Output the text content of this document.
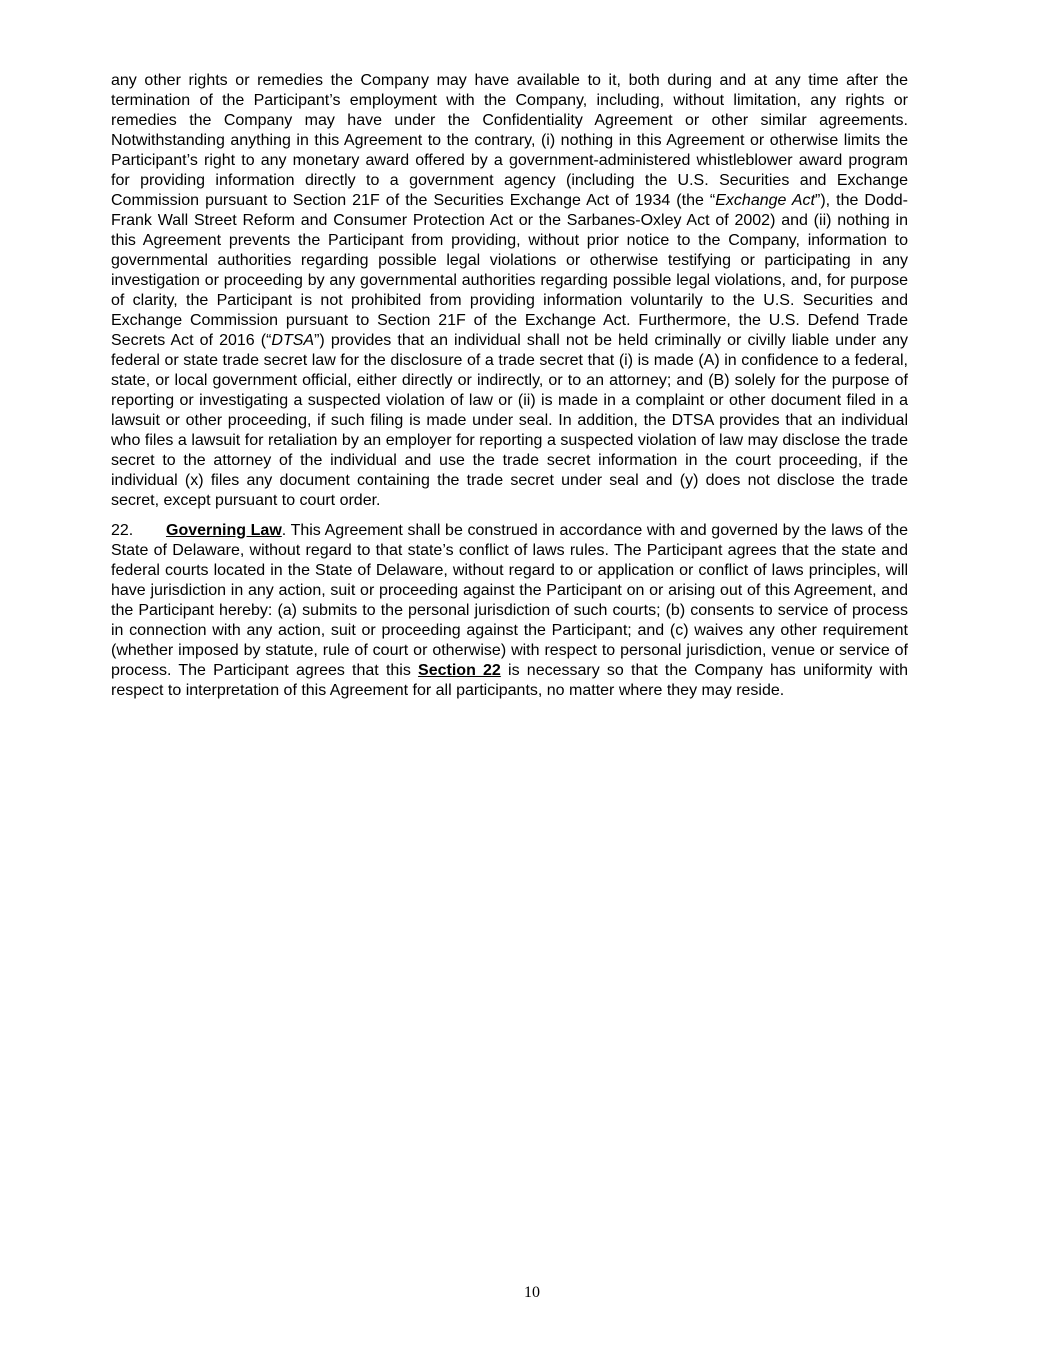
any other rights or remedies the Company may have available to it, both during and at any time after the termination of the Participant’s employment with the Company, including, without limitation, any rights or remedies the Company may have under the Confidentiality Agreement or other similar agreements. Notwithstanding anything in this Agreement to the contrary, (i) nothing in this Agreement or otherwise limits the Participant’s right to any monetary award offered by a government-administered whistleblower award program for providing information directly to a government agency (including the U.S. Securities and Exchange Commission pursuant to Section 21F of the Securities Exchange Act of 1934 (the “Exchange Act”), the Dodd-Frank Wall Street Reform and Consumer Protection Act or the Sarbanes-Oxley Act of 2002) and (ii) nothing in this Agreement prevents the Participant from providing, without prior notice to the Company, information to governmental authorities regarding possible legal violations or otherwise testifying or participating in any investigation or proceeding by any governmental authorities regarding possible legal violations, and, for purpose of clarity, the Participant is not prohibited from providing information voluntarily to the U.S. Securities and Exchange Commission pursuant to Section 21F of the Exchange Act. Furthermore, the U.S. Defend Trade Secrets Act of 2016 (“DTSA”) provides that an individual shall not be held criminally or civilly liable under any federal or state trade secret law for the disclosure of a trade secret that (i) is made (A) in confidence to a federal, state, or local government official, either directly or indirectly, or to an attorney; and (B) solely for the purpose of reporting or investigating a suspected violation of law or (ii) is made in a complaint or other document filed in a lawsuit or other proceeding, if such filing is made under seal. In addition, the DTSA provides that an individual who files a lawsuit for retaliation by an employer for reporting a suspected violation of law may disclose the trade secret to the attorney of the individual and use the trade secret information in the court proceeding, if the individual (x) files any document containing the trade secret under seal and (y) does not disclose the trade secret, except pursuant to court order.

22. Governing Law. This Agreement shall be construed in accordance with and governed by the laws of the State of Delaware, without regard to that state’s conflict of laws rules. The Participant agrees that the state and federal courts located in the State of Delaware, without regard to or application or conflict of laws principles, will have jurisdiction in any action, suit or proceeding against the Participant on or arising out of this Agreement, and the Participant hereby: (a) submits to the personal jurisdiction of such courts; (b) consents to service of process in connection with any action, suit or proceeding against the Participant; and (c) waives any other requirement (whether imposed by statute, rule of court or otherwise) with respect to personal jurisdiction, venue or service of process. The Participant agrees that this Section 22 is necessary so that the Company has uniformity with respect to interpretation of this Agreement for all participants, no matter where they may reside.

10
